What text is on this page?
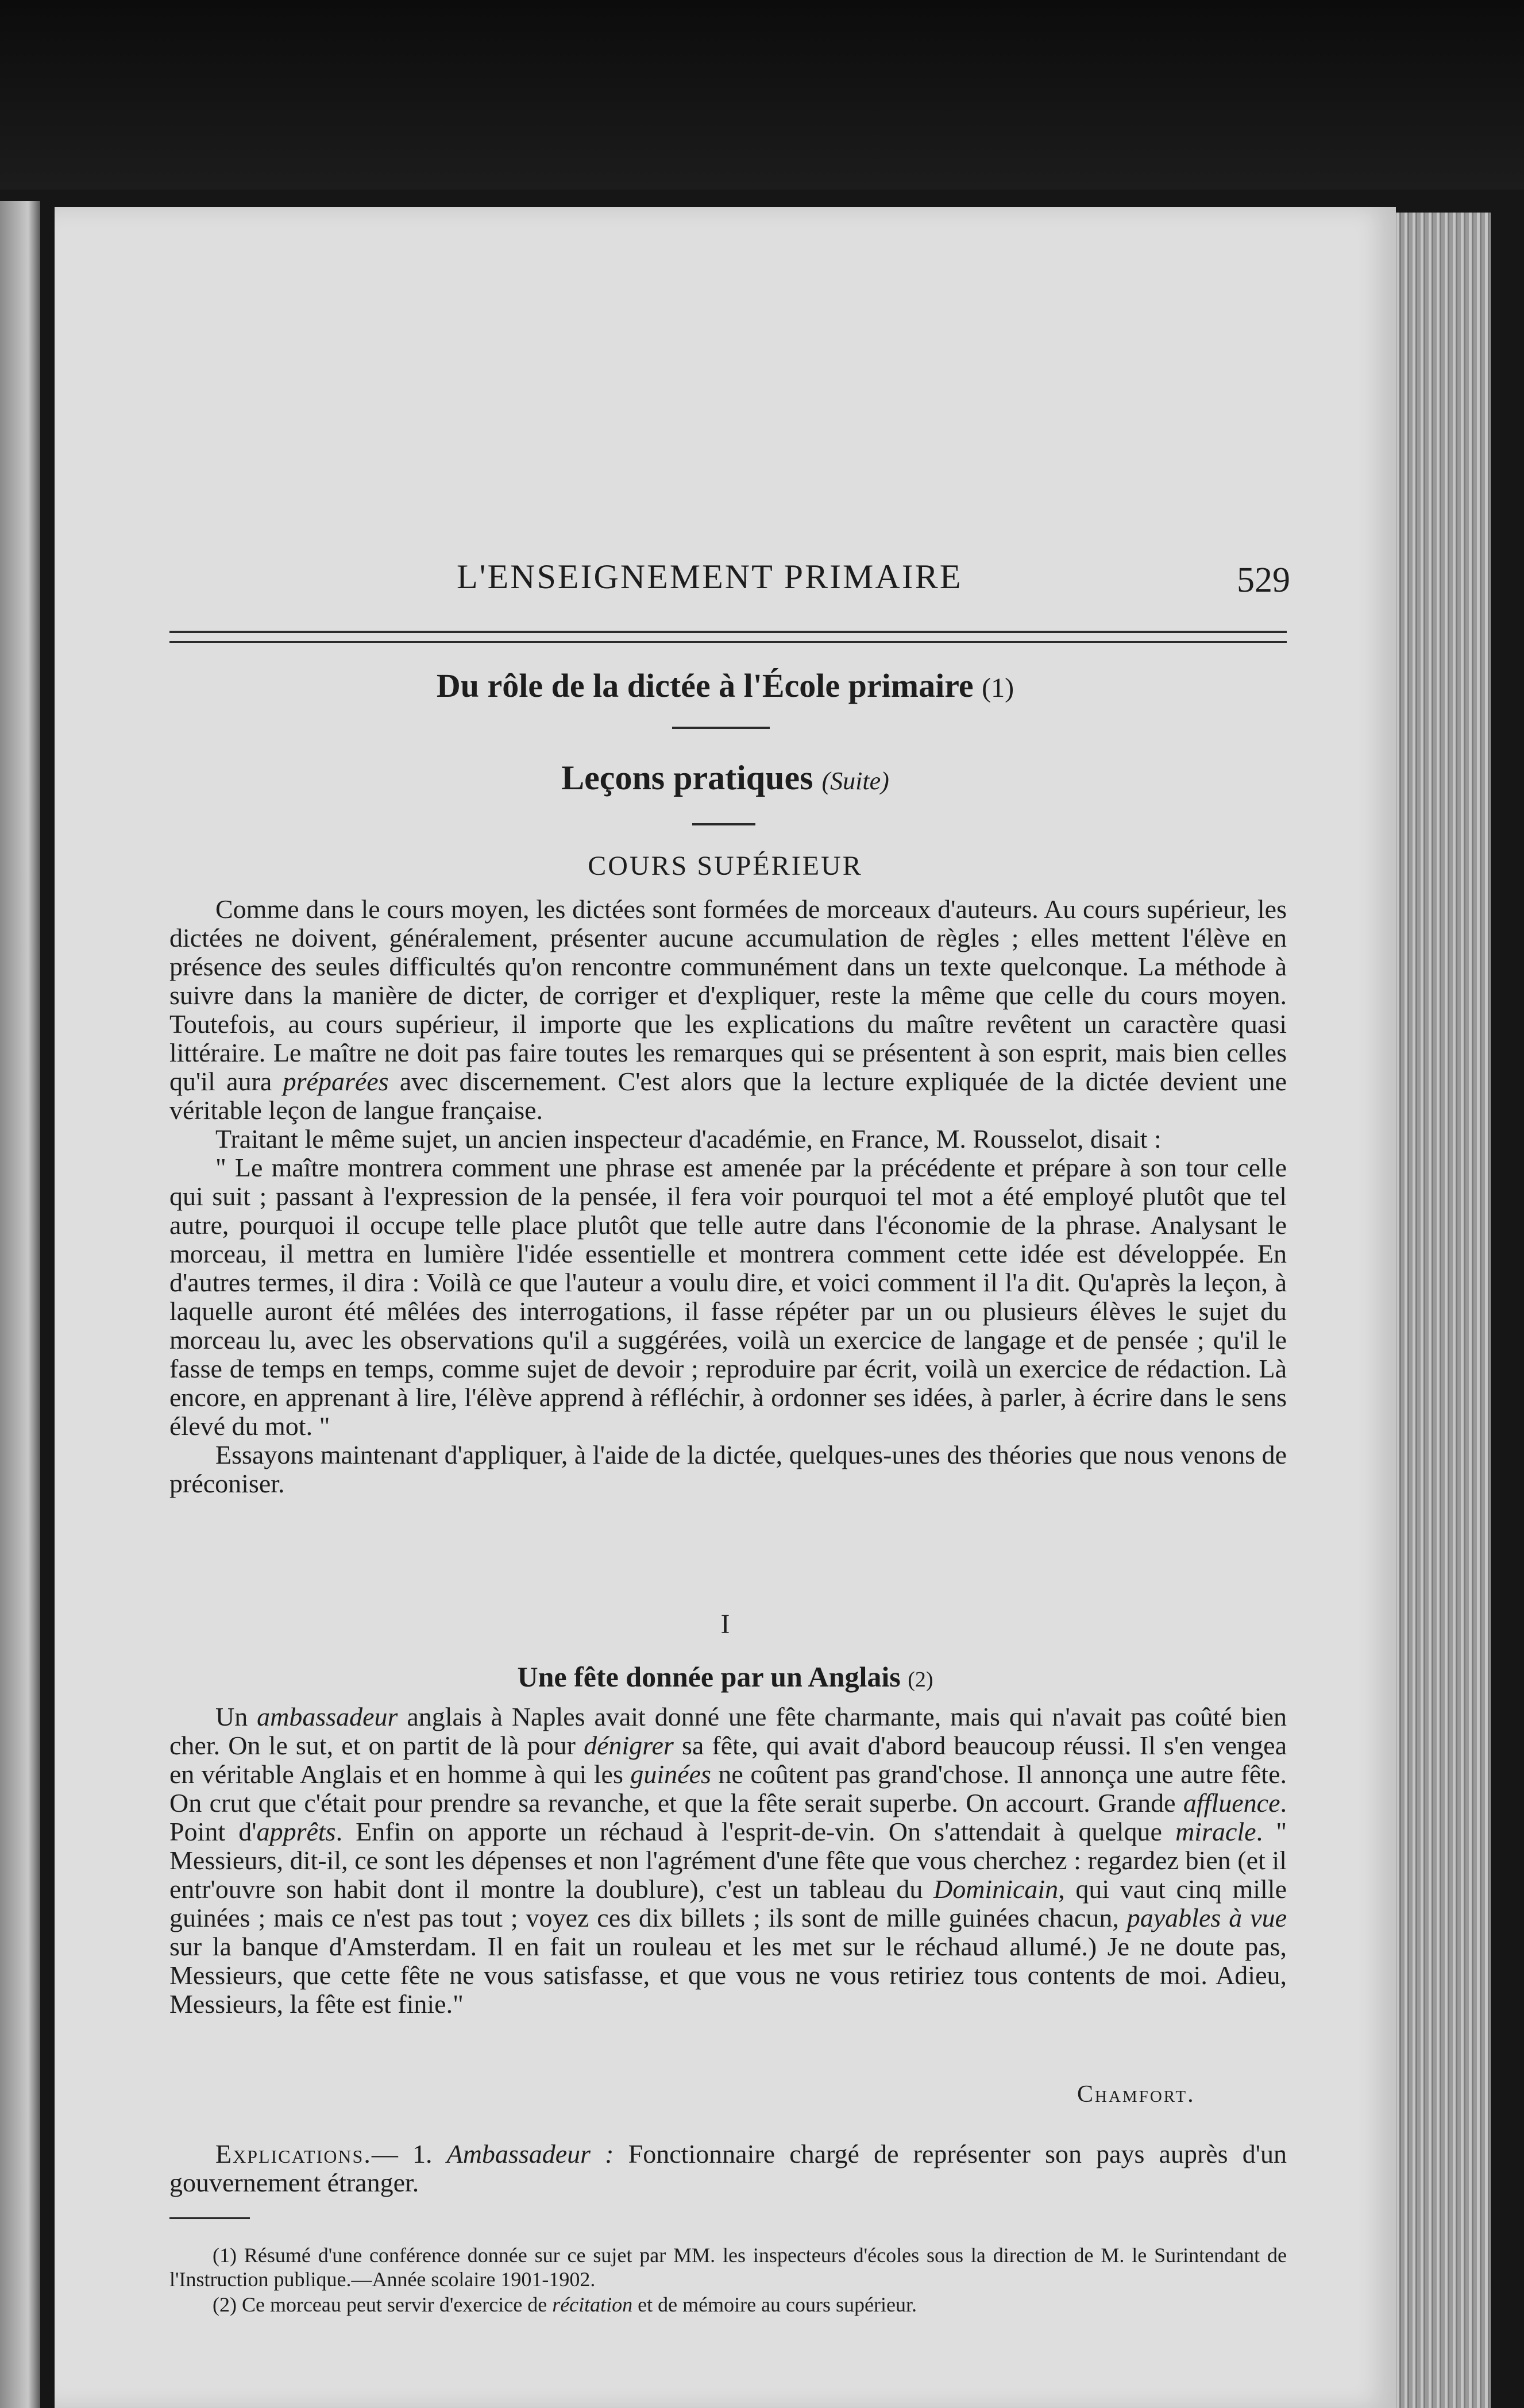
L'ENSEIGNEMENT PRIMAIRE	529
Du rôle de la dictée à l'École primaire (1)
Leçons pratiques (Suite)
COURS SUPÉRIEUR

Comme dans le cours moyen, les dictées sont formées de morceaux d'auteurs. Au cours supérieur, les dictées ne doivent, généralement, présenter aucune accumulation de règles ; elles mettent l'élève en présence des seules difficultés qu'on rencontre communément dans un texte quelconque. La méthode à suivre dans la manière de dicter, de corriger et d'expliquer, reste la même que celle du cours moyen. Toutefois, au cours supérieur, il importe que les explications du maître revêtent un caractère quasi littéraire. Le maître ne doit pas faire toutes les remarques qui se présentent à son esprit, mais bien celles qu'il aura préparées avec discernement. C'est alors que la lecture expliquée de la dictée devient une véritable leçon de langue française.

Traitant le même sujet, un ancien inspecteur d'académie, en France, M. Rousselot, disait :

" Le maître montrera comment une phrase est amenée par la précédente et prépare à son tour celle qui suit ; passant à l'expression de la pensée, il fera voir pourquoi tel mot a été employé plutôt que tel autre, pourquoi il occupe telle place plutôt que telle autre dans l'économie de la phrase. Analysant le morceau, il mettra en lumière l'idée essentielle et montrera comment cette idée est développée. En d'autres termes, il dira : Voilà ce que l'auteur a voulu dire, et voici comment il l'a dit. Qu'après la leçon, à laquelle auront été mêlées des interrogations, il fasse répéter par un ou plusieurs élèves le sujet du morceau lu, avec les observations qu'il a suggérées, voilà un exercice de langage et de pensée ; qu'il le fasse de temps en temps, comme sujet de devoir ; reproduire par écrit, voilà un exercice de rédaction. Là encore, en apprenant à lire, l'élève apprend à réfléchir, à ordonner ses idées, à parler, à écrire dans le sens élevé du mot. "

Essayons maintenant d'appliquer, à l'aide de la dictée, quelques-unes des théories que nous venons de préconiser.

I
Une fête donnée par un Anglais (2)

Un ambassadeur anglais à Naples avait donné une fête charmante, mais qui n'avait pas coûté bien cher. On le sut, et on partit de là pour dénigrer sa fête, qui avait d'abord beaucoup réussi. Il s'en vengea en véritable Anglais et en homme à qui les guinées ne coûtent pas grand'chose. Il annonça une autre fête. On crut que c'était pour prendre sa revanche, et que la fête serait superbe. On accourt. Grande affluence. Point d'apprêts. Enfin on apporte un réchaud à l'esprit-de-vin. On s'attendait à quelque miracle. " Messieurs, dit-il, ce sont les dépenses et non l'agrément d'une fête que vous cherchez : regardez bien (et il entr'ouvre son habit dont il montre la doublure), c'est un tableau du Dominicain, qui vaut cinq mille guinées ; mais ce n'est pas tout ; voyez ces dix billets ; ils sont de mille guinées chacun, payables à vue sur la banque d'Amsterdam. Il en fait un rouleau et les met sur le réchaud allumé.) Je ne doute pas, Messieurs, que cette fête ne vous satisfasse, et que vous ne vous retiriez tous contents de moi. Adieu, Messieurs, la fête est finie."

Chamfort.

Explications.— 1. Ambassadeur : Fonctionnaire chargé de représenter son pays auprès d'un gouvernement étranger.

(1) Résumé d'une conférence donnée sur ce sujet par MM. les inspecteurs d'écoles sous la direction de M. le Surintendant de l'Instruction publique.—Année scolaire 1901-1902.

(2) Ce morceau peut servir d'exercice de récitation et de mémoire au cours supérieur.
